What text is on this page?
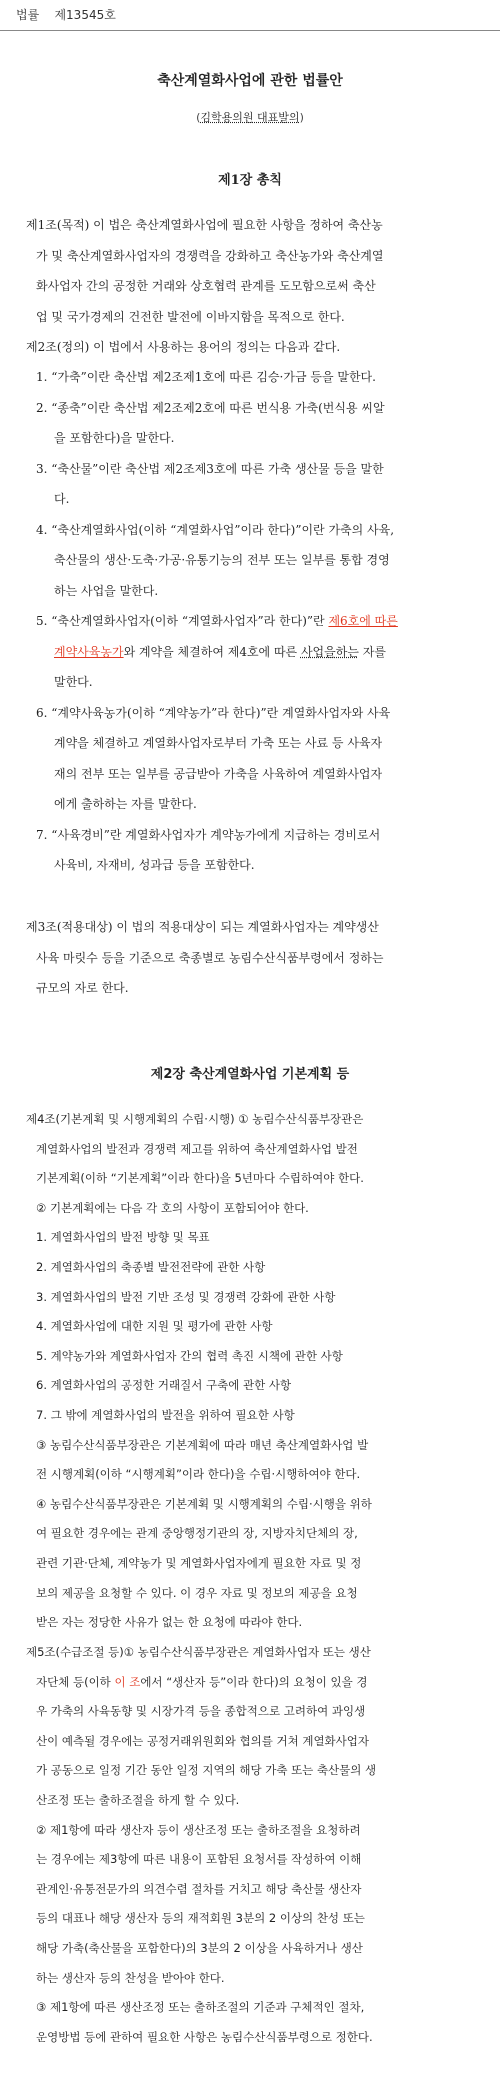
법률 제13545호
축산계열화사업에 관한 법률안
(김학용의원 대표발의)
제1장 총칙
제1조(목적) 이 법은 축산계열화사업에 필요한 사항을 정하여 축산농
가 및 축산계열화사업자의 경쟁력을 강화하고 축산농가와 축산계열
화사업자 간의 공정한 거래와 상호협력 관계를 도모함으로써 축산
업 및 국가경제의 건전한 발전에 이바지함을 목적으로 한다.
제2조(정의) 이 법에서 사용하는 용어의 정의는 다음과 같다.
1. “가축”이란 축산법 제2조제1호에 따른 김승·가금 등을 말한다.
2. “종축”이란 축산법 제2조제2호에 따른 번식용 가축(번식용 씨알
을 포함한다)을 말한다.
3. “축산물”이란 축산법 제2조제3호에 따른 가축 생산물 등을 말한
다.
4. “축산계열화사업(이하 “계열화사업”이라 한다)”이란 가축의 사육,
축산물의 생산·도축·가공·유통기능의 전부 또는 일부를 통합 경영
하는 사업을 말한다.
5. “축산계열화사업자(이하 “계열화사업자”라 한다)”란 제6호에 따른
계약사육농가와 계약을 체결하여 제4호에 따른 사업을하는 자를
말한다.
6. “계약사육농가(이하 “계약농가”라 한다)”란 계열화사업자와 사육
계약을 체결하고 계열화사업자로부터 가축 또는 사료 등 사육자
재의 전부 또는 일부를 공급받아 가축을 사육하여 계열화사업자
에게 출하하는 자를 말한다.
7. “사육경비”란 계열화사업자가 계약농가에게 지급하는 경비로서
사육비, 자재비, 성과급 등을 포함한다.
제3조(적용대상) 이 법의 적용대상이 되는 계열화사업자는 계약생산
사육 마릿수 등을 기준으로 축종별로 농림수산식품부령에서 정하는
규모의 자로 한다.
제2장 축산계열화사업 기본계획 등
제4조(기본계획 및 시행계획의 수립·시행) ① 농림수산식품부장관은
계열화사업의 발전과 경쟁력 제고를 위하여 축산계열화사업 발전
기본계획(이하 “기본계획”이라 한다)을 5년마다 수립하여야 한다.
② 기본계획에는 다음 각 호의 사항이 포함되어야 한다.
1. 계열화사업의 발전 방향 및 목표
2. 계열화사업의 축종별 발전전략에 관한 사항
3. 계열화사업의 발전 기반 조성 및 경쟁력 강화에 관한 사항
4. 계열화사업에 대한 지원 및 평가에 관한 사항
5. 계약농가와 계열화사업자 간의 협력 촉진 시책에 관한 사항
6. 계열화사업의 공정한 거래질서 구축에 관한 사항
7. 그 밖에 계열화사업의 발전을 위하여 필요한 사항
③ 농림수산식품부장관은 기본계획에 따라 매년 축산계열화사업 발
전 시행계획(이하 “시행계획”이라 한다)을 수립·시행하여야 한다.
④ 농림수산식품부장관은 기본계획 및 시행계획의 수립·시행을 위하
여 필요한 경우에는 관계 중앙행정기관의 장, 지방자치단체의 장,
관련 기관·단체, 계약농가 및 계열화사업자에게 필요한 자료 및 정
보의 제공을 요청할 수 있다. 이 경우 자료 및 정보의 제공을 요청
받은 자는 정당한 사유가 없는 한 요청에 따라야 한다.
제5조(수급조절 등)① 농림수산식품부장관은 계열화사업자 또는 생산
자단체 등(이하 이 조에서 “생산자 등”이라 한다)의 요청이 있을 경
우 가축의 사육동향 및 시장가격 등을 종합적으로 고려하여 과잉생
산이 예측될 경우에는 공정거래위원회와 협의를 거쳐 계열화사업자
가 공동으로 일정 기간 동안 일정 지역의 해당 가축 또는 축산물의 생
산조정 또는 출하조절을 하게 할 수 있다.
② 제1항에 따라 생산자 등이 생산조정 또는 출하조절을 요청하려
는 경우에는 제3항에 따른 내용이 포함된 요청서를 작성하여 이해
관계인·유통전문가의 의견수렴 절차를 거치고 해당 축산물 생산자
등의 대표나 해당 생산자 등의 재적회원 3분의 2 이상의 찬성 또는
해당 가축(축산물을 포함한다)의 3분의 2 이상을 사육하거나 생산
하는 생산자 등의 찬성을 받아야 한다.
③ 제1항에 따른 생산조정 또는 출하조절의 기준과 구체적인 절차,
운영방법 등에 관하여 필요한 사항은 농림수산식품부령으로 정한다.
